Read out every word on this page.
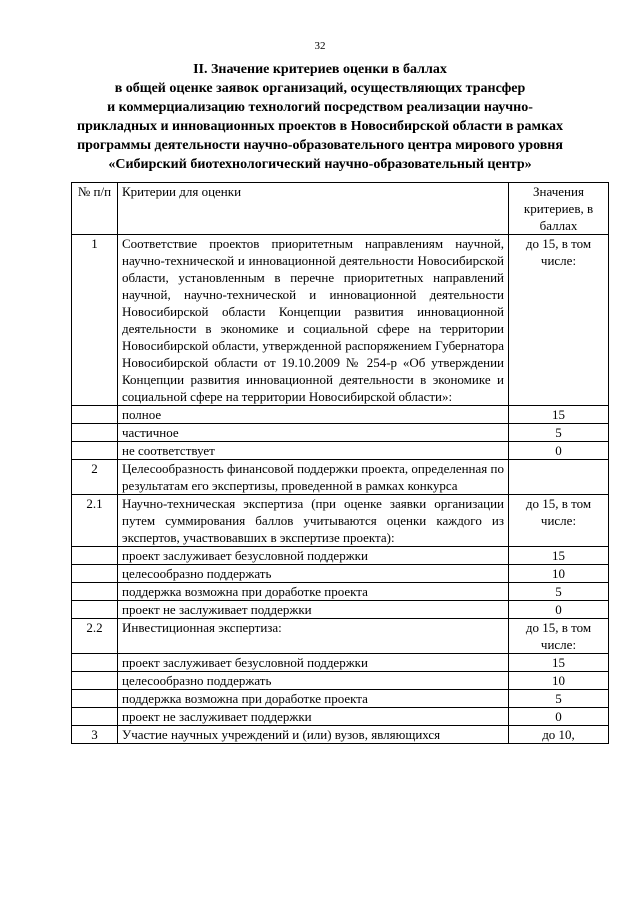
32
II. Значение критериев оценки в баллах
в общей оценке заявок организаций, осуществляющих трансфер
и коммерциализацию технологий посредством реализации научно-
прикладных и инновационных проектов в Новосибирской области в рамках
программы деятельности научно-образовательного центра мирового уровня
«Сибирский биотехнологический научно-образовательный центр»
№ п/п	Критерии для оценки	Значения критериев, в баллах
1	Соответствие проектов приоритетным направлениям научной, научно-технической и инновационной деятельности Новосибирской области, установленным в перечне приоритетных направлений научной, научно-технической и инновационной деятельности Новосибирской области Концепции развития инновационной деятельности в экономике и социальной сфере на территории Новосибирской области, утвержденной распоряжением Губернатора Новосибирской области от 19.10.2009 № 254-р «Об утверждении Концепции развития инновационной деятельности в экономике и социальной сфере на территории Новосибирской области»:	до 15, в том числе:
	полное	15
	частичное	5
	не соответствует	0
2	Целесообразность финансовой поддержки проекта, определенная по результатам его экспертизы, проведенной в рамках конкурса	
2.1	Научно-техническая экспертиза (при оценке заявки организации путем суммирования баллов учитываются оценки каждого из экспертов, участвовавших в экспертизе проекта):	до 15, в том числе:
	проект заслуживает безусловной поддержки	15
	целесообразно поддержать	10
	поддержка возможна при доработке проекта	5
	проект не заслуживает поддержки	0
2.2	Инвестиционная экспертиза:	до 15, в том числе:
	проект заслуживает безусловной поддержки	15
	целесообразно поддержать	10
	поддержка возможна при доработке проекта	5
	проект не заслуживает поддержки	0
3	Участие научных учреждений и (или) вузов, являющихся	до 10,
